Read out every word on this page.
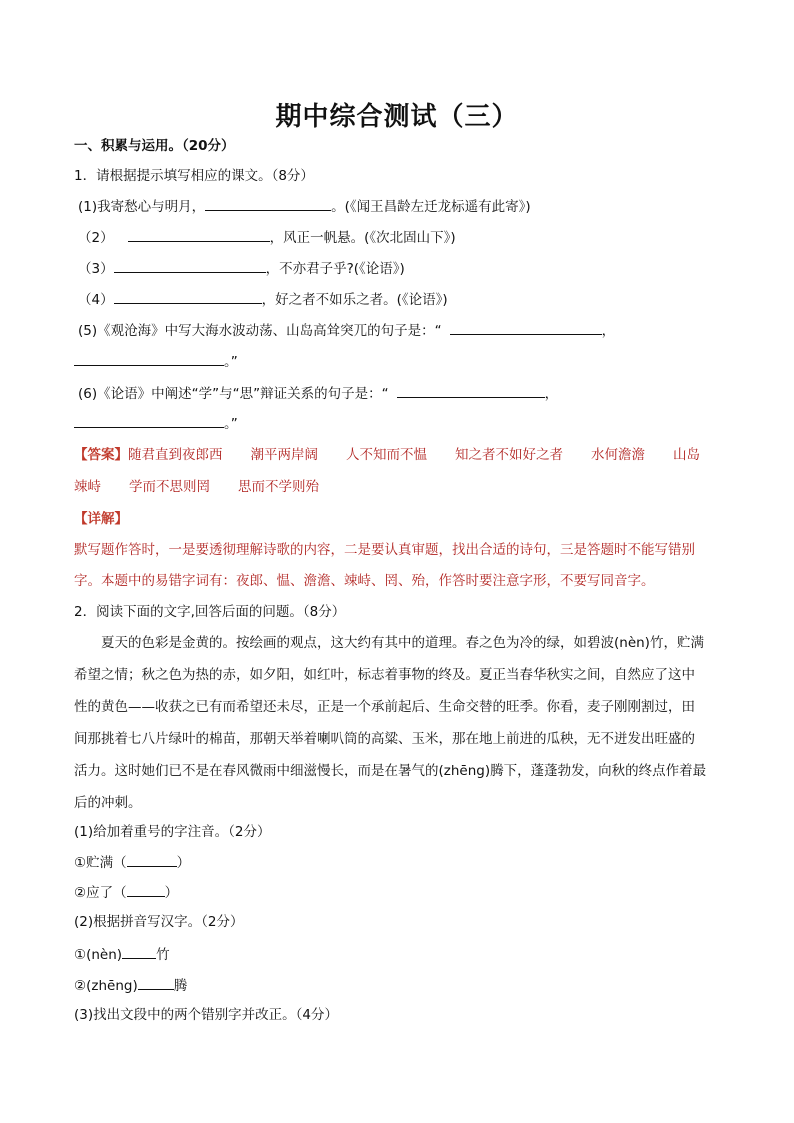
期中综合测试（三）
一、积累与运用。（20分）
1．请根据提示填写相应的课文。（8分）
(1)我寄愁心与明月，	。(《闻王昌龄左迁龙标遥有此寄》)
（2）	，风正一帆悬。(《次北固山下》)
（3）	，不亦君子乎?(《论语》)
（4）	，好之者不如乐之者。(《论语》)
(5)《观沧海》中写大海水波动荡、山岛高耸突兀的句子是：“	，
。”
(6)《论语》中阐述“学”与“思”辩证关系的句子是：“	，
。”
【答案】随君直到夜郎西 潮平两岸阔 人不知而不愠 知之者不如好之者 水何澹澹 山岛
竦峙 学而不思则罔 思而不学则殆
【详解】
默写题作答时，一是要透彻理解诗歌的内容，二是要认真审题，找出合适的诗句，三是答题时不能写错别
字。本题中的易错字词有：夜郎、愠、澹澹、竦峙、罔、殆，作答时要注意字形，不要写同音字。
2．阅读下面的文字,回答后面的问题。（8分）
夏天的色彩是金黄的。按绘画的观点，这大约有其中的道理。春之色为冷的绿，如碧波(nèn)竹，贮满
希望之情；秋之色为热的赤，如夕阳，如红叶，标志着事物的终及。夏正当春华秋实之间，自然应了这中
性的黄色——收获之已有而希望还未尽，正是一个承前起后、生命交替的旺季。你看，麦子刚刚割过，田
间那挑着七八片绿叶的棉苗，那朝天举着喇叭筒的高粱、玉米，那在地上前进的瓜秧，无不迸发出旺盛的
活力。这时她们已不是在春风微雨中细滋慢长，而是在暑气的(zhēng)腾下，蓬蓬勃发，向秋的终点作着最
后的冲刺。
(1)给加着重号的字注音。（2分）
①贮满（	）
②应了（	）
(2)根据拼音写汉字。（2分）
①(nèn)	竹
②(zhēng)	腾
(3)找出文段中的两个错别字并改正。（4分）
